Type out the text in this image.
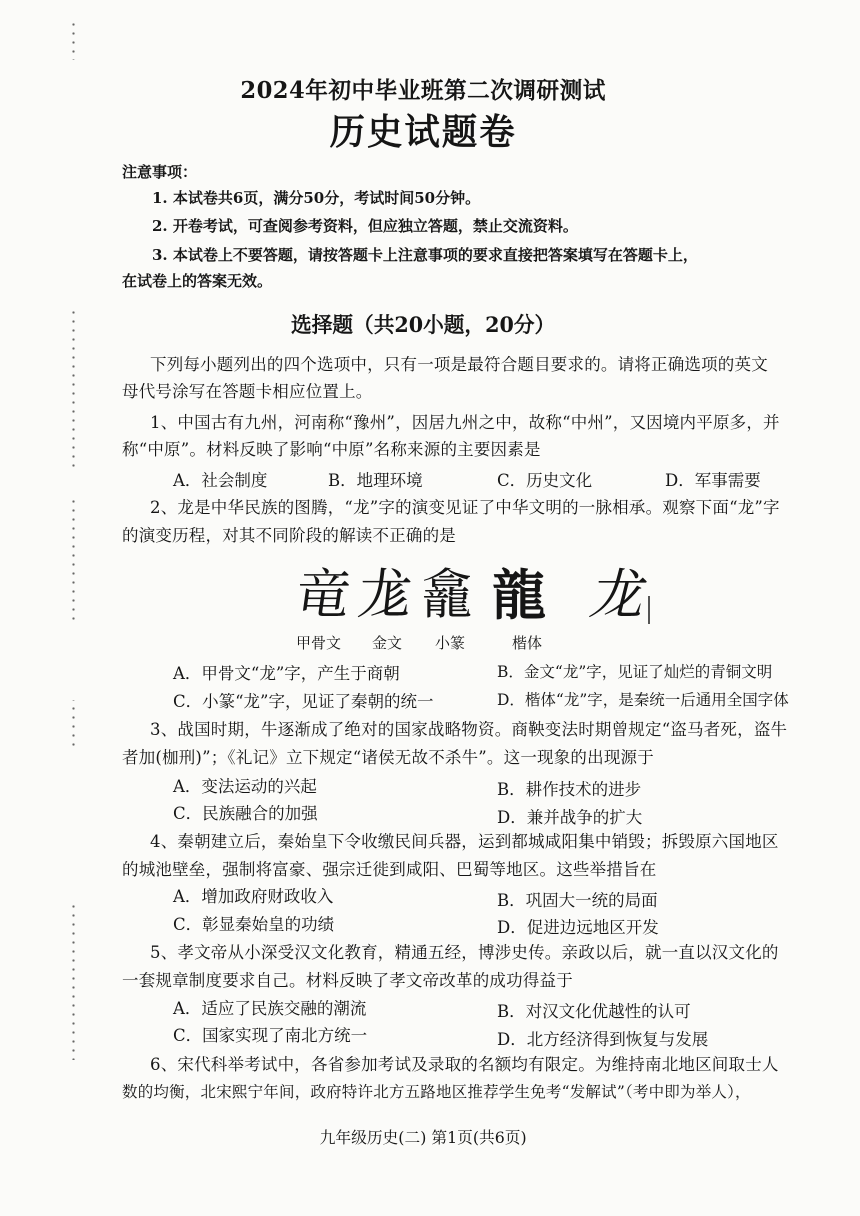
2024年初中毕业班第二次调研测试
历史试题卷
注意事项：
1. 本试卷共6页，满分50分，考试时间50分钟。
2. 开卷考试，可查阅参考资料，但应独立答题，禁止交流资料。
3. 本试卷上不要答题，请按答题卡上注意事项的要求直接把答案填写在答题卡上，
在试卷上的答案无效。
选择题（共20小题，20分）
下列每小题列出的四个选项中，只有一项是最符合题目要求的。请将正确选项的英文
母代号涂写在答题卡相应位置上。
1、中国古有九州，河南称“豫州”，因居九州之中，故称“中州”，又因境内平原多，并
称“中原”。材料反映了影响“中原”名称来源的主要因素是
A．社会制度	B．地理环境	C．历史文化	D．军事需要
2、龙是中华民族的图腾，“龙”字的演变见证了中华文明的一脉相承。观察下面“龙”字
的演变历程，对其不同阶段的解读不正确的是
竜 尨 龕 龍 龙
甲骨文 金文 小篆	楷体
A．甲骨文“龙”字，产生于商朝	B．金文“龙”字，见证了灿烂的青铜文明
C．小篆“龙”字，见证了秦朝的统一	D．楷体“龙”字，是秦统一后通用全国字体
3、战国时期，牛逐渐成了绝对的国家战略物资。商鞅变法时期曾规定“盗马者死，盗牛
者加(枷刑)”；《礼记》立下规定“诸侯无故不杀牛”。这一现象的出现源于
A．变法运动的兴起	B．耕作技术的进步
C．民族融合的加强	D．兼并战争的扩大
4、秦朝建立后，秦始皇下令收缴民间兵器，运到都城咸阳集中销毁；拆毁原六国地区
的城池壁垒，强制将富豪、强宗迁徙到咸阳、巴蜀等地区。这些举措旨在
A．增加政府财政收入	B．巩固大一统的局面
C．彰显秦始皇的功绩	D．促进边远地区开发
5、孝文帝从小深受汉文化教育，精通五经，博涉史传。亲政以后，就一直以汉文化的
一套规章制度要求自己。材料反映了孝文帝改革的成功得益于
A．适应了民族交融的潮流	B．对汉文化优越性的认可
C．国家实现了南北方统一	D．北方经济得到恢复与发展
6、宋代科举考试中，各省参加考试及录取的名额均有限定。为维持南北地区间取士人
数的均衡，北宋熙宁年间，政府特许北方五路地区推荐学生免考“发解试”（考中即为举人），
九年级历史(二) 第1页(共6页)
